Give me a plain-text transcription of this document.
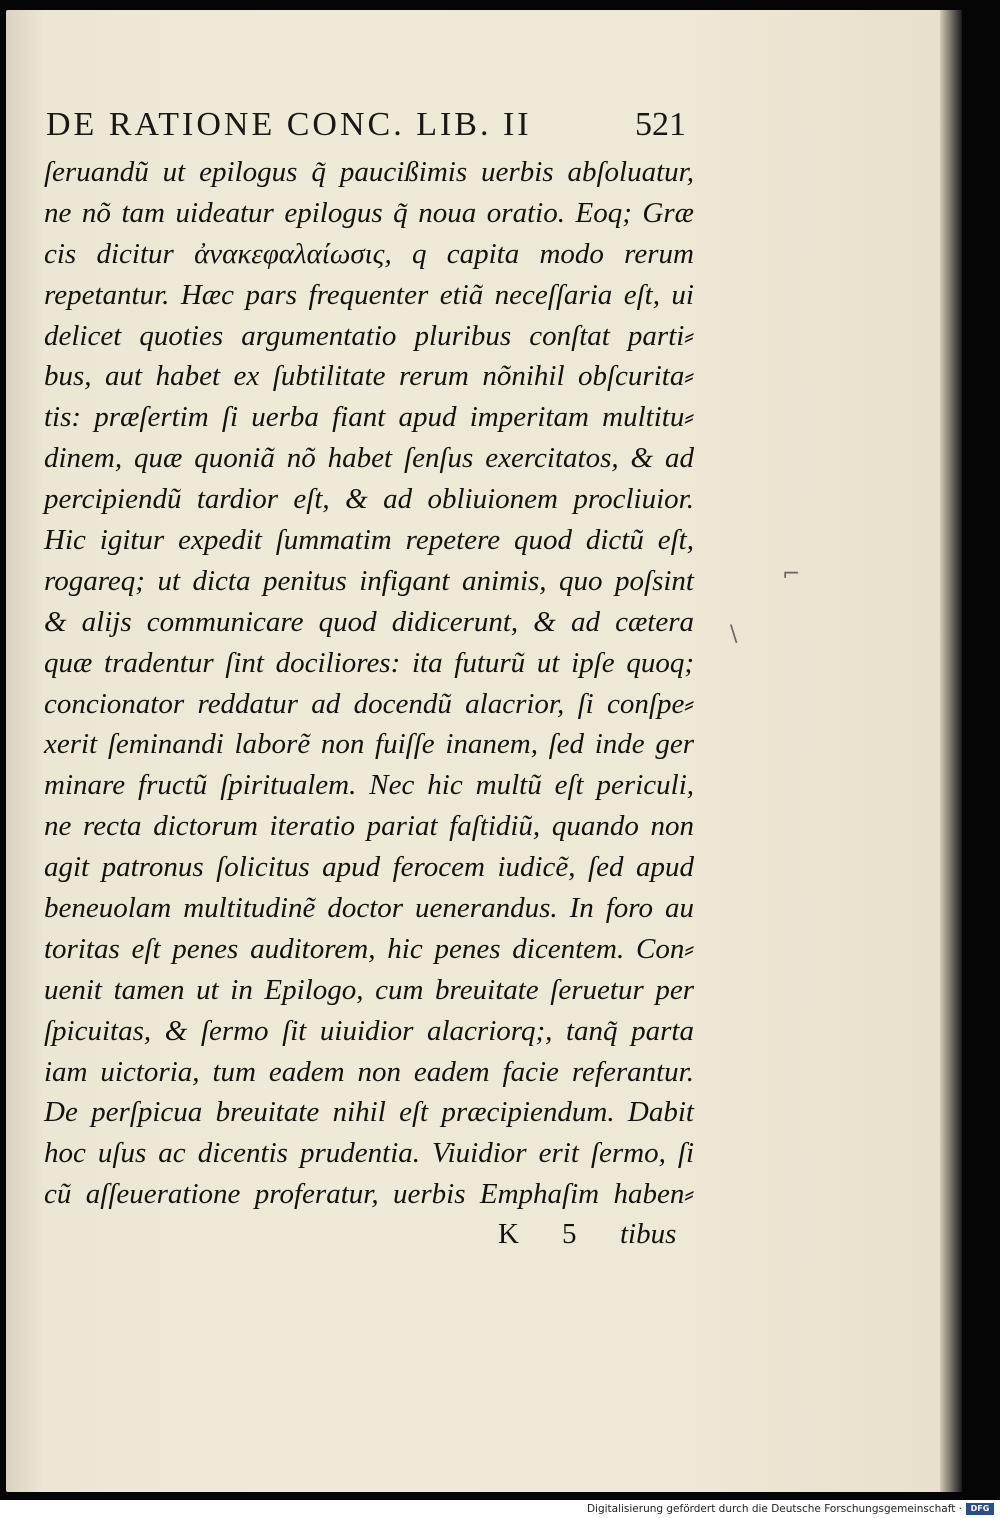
DE RATIONE CONC. LIB. II	521
ſeruandũ ut epilogus q̃ paucißimis uerbis abſoluatur,
ne nõ tam uideatur epilogus q̃ noua oratio. Eoq; Græ
cis dicitur ἀνακεφαλαίωσις, q capita modo rerum
repetantur. Hæc pars frequenter etiã neceſſaria eſt, ui
delicet quoties argumentatio pluribus conſtat parti⸗
bus, aut habet ex ſubtilitate rerum nõnihil obſcurita⸗
tis: præſertim ſi uerba fiant apud imperitam multitu⸗
dinem, quæ quoniã nõ habet ſenſus exercitatos, & ad
percipiendũ tardior eſt, & ad obliuionem procliuior.
Hic igitur expedit ſummatim repetere quod dictũ eſt,
rogareq; ut dicta penitus infigant animis, quo poſsint
& alijs communicare quod didicerunt, & ad cætera
quæ tradentur ſint dociliores: ita futurũ ut ipſe quoq;
concionator reddatur ad docendũ alacrior, ſi conſpe⸗
xerit ſeminandi laborẽ non fuiſſe inanem, ſed inde ger
minare fructũ ſpiritualem. Nec hic multũ eſt periculi,
ne recta dictorum iteratio pariat faſtidiũ, quando non
agit patronus ſolicitus apud ferocem iudicẽ, ſed apud
beneuolam multitudinẽ doctor uenerandus. In foro au
toritas eſt penes auditorem, hic penes dicentem. Con⸗
uenit tamen ut in Epilogo, cum breuitate ſeruetur per
ſpicuitas, & ſermo ſit uiuidior alacriorq;, tanq̃ parta
iam uictoria, tum eadem non eadem facie referantur.
De perſpicua breuitate nihil eſt præcipiendum. Dabit
hoc uſus ac dicentis prudentia. Viuidior erit ſermo, ſi
cũ aſſeueratione proferatur, uerbis Emphaſim haben⸗
K 5 tibus
⌐
\
Digitalisierung gefördert durch die Deutsche Forschungsgemeinschaft ·	DFG
